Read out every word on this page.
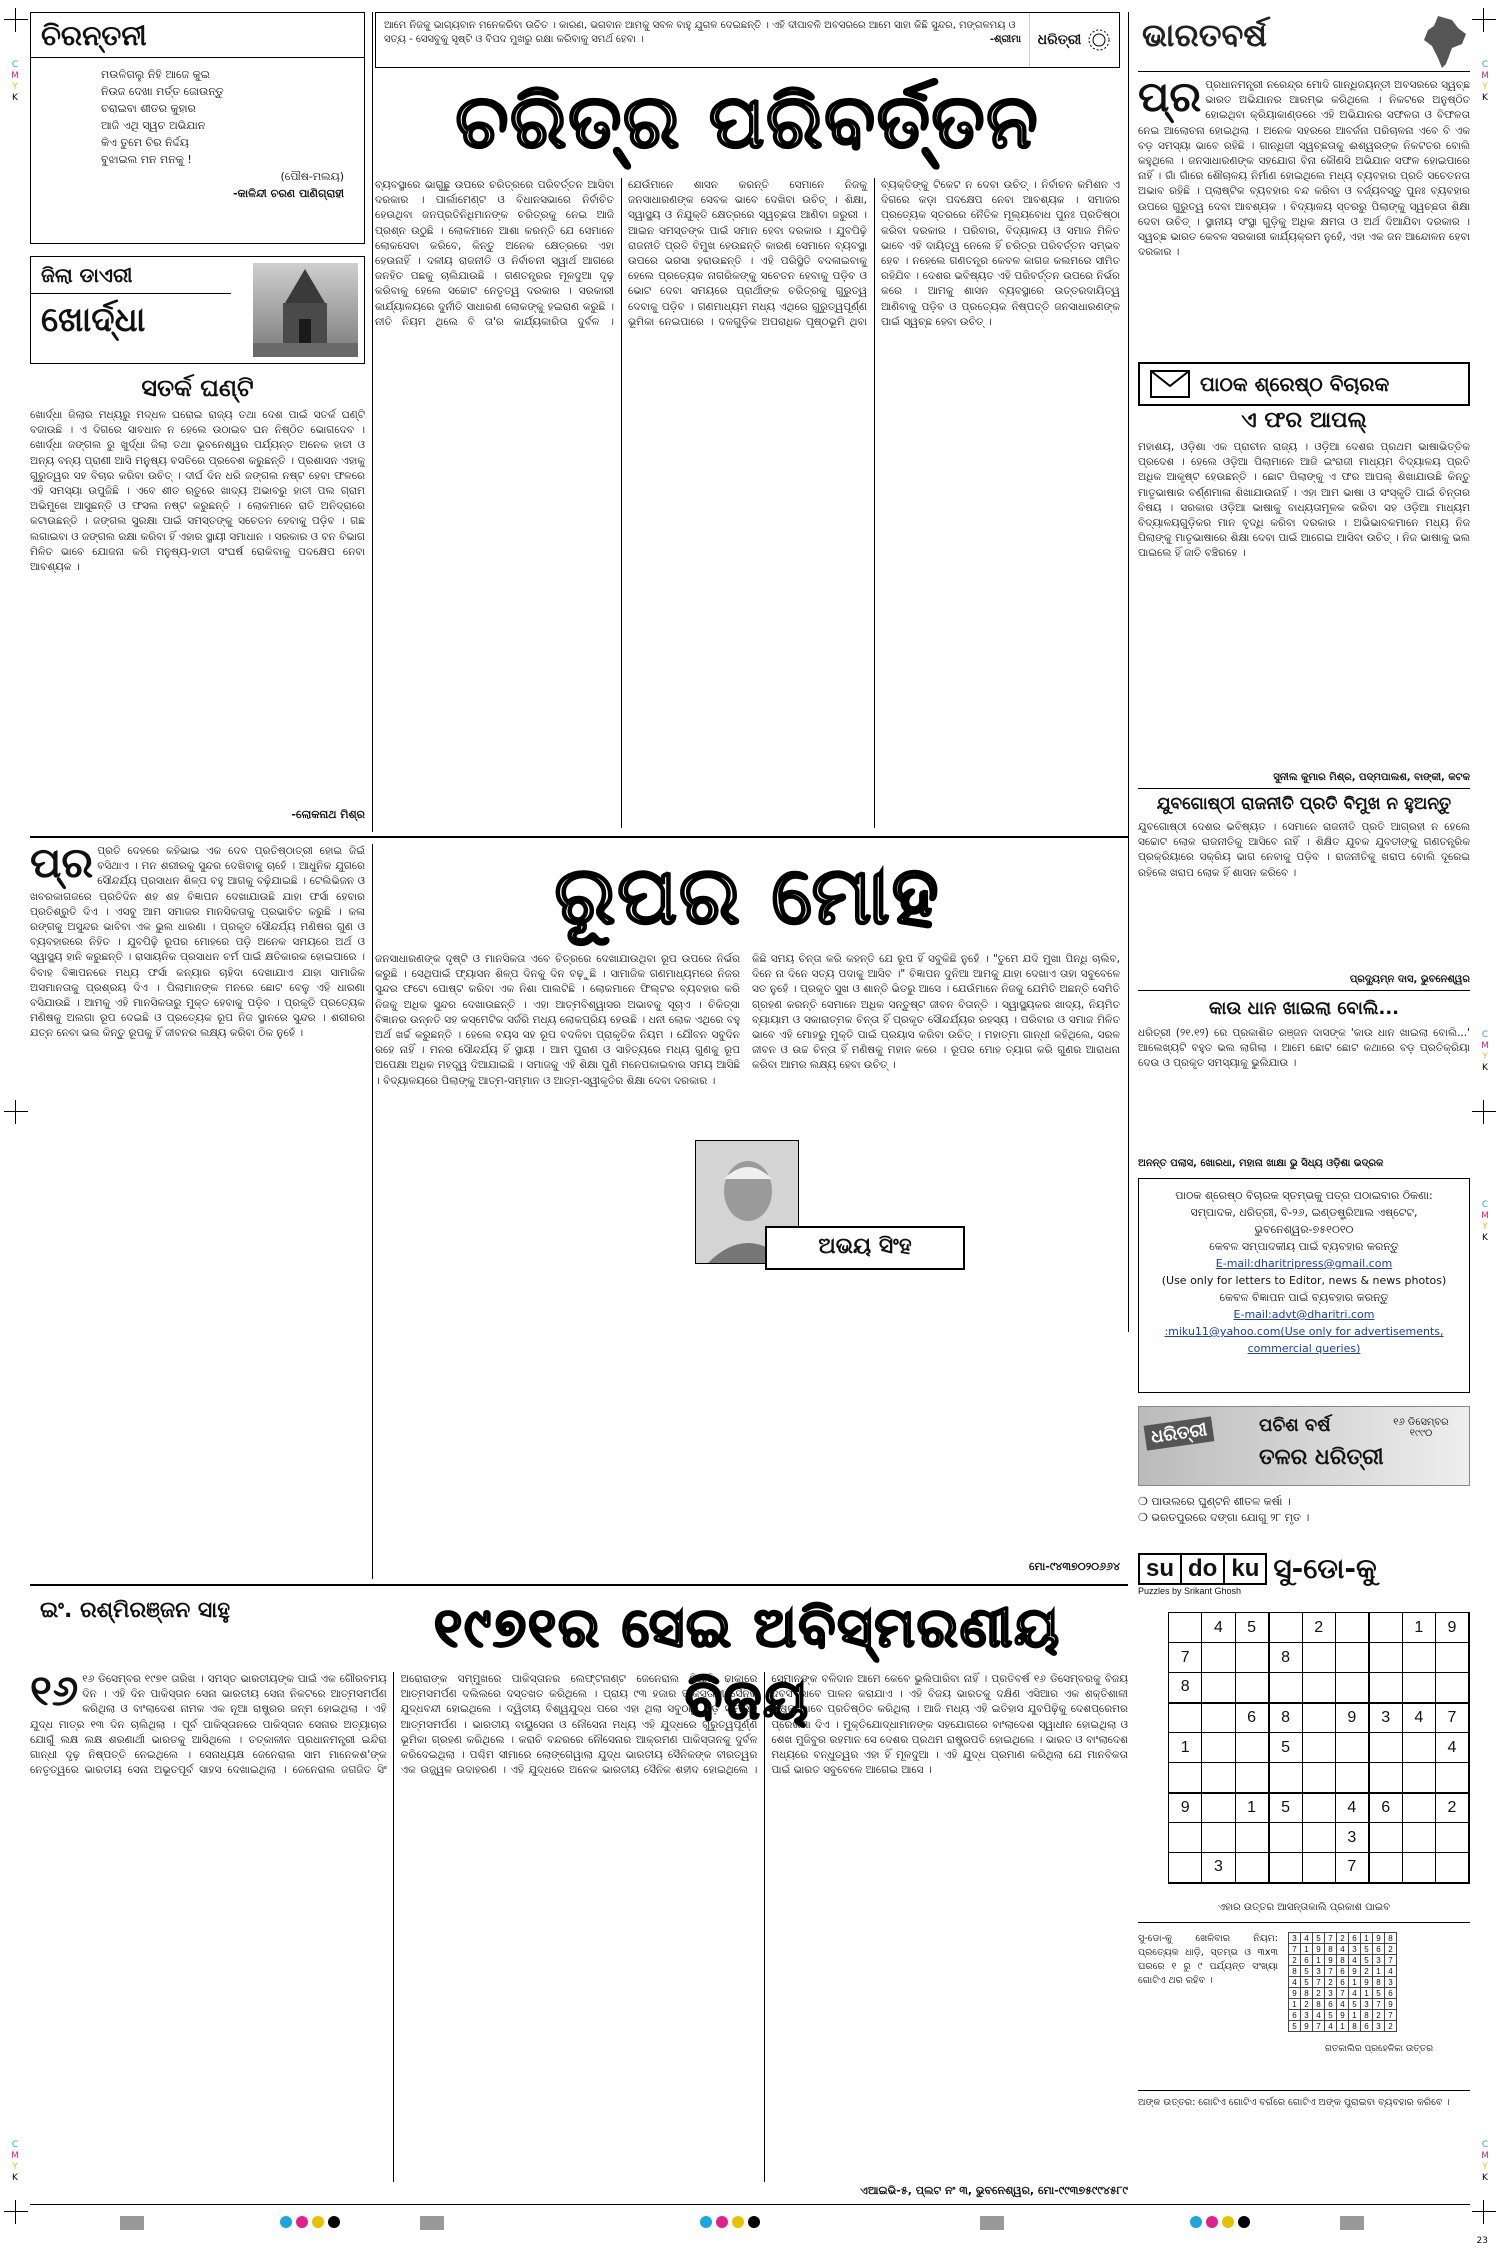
C
M
Y
K
C
M
Y
K
C
M
Y
K
C
M
Y
K
C
M
Y
K
C
M
Y
K
ଚିରନ୍ତନୀ
ମଉଳିଗଲୁ ନିହି ଆଜେ କୁଇ
ନିଉଜ ଦେଖା ମର୍ତ୍ତ ଜୋଉନ୍ତୁ
ଚରାଇବା ଶୀତର କୁହାର
ଆଜି ଏଥି ସ୍ୱଚ ଅଭିଯାନ
କିଏ ତୁମେ ଚିର ନିର୍ଦ୍ଦୟ
ବୁଝାଇଲ ମନ ମନକୁ !
(ପୌଷ-ମଲୟ)
-କାଳିନ୍ଦୀ ଚରଣ ପାଣିଗ୍ରାହୀ
ଜିଲା ଡାଏରୀ
ଖୋର୍ଦ୍ଧା
ସତର୍କ ଘଣ୍ଟି
ଖୋର୍ଦ୍ଧା ଜିଲାର ମଧ୍ୟରୁ ମଦ୍ଧଳ ଘରୋଇ ରାଜ୍ୟ ତଥା ଦେଶ ପାଇଁ ସତର୍କ ଘଣ୍ଟି ବଜାଉଛି । ଏ ଦିଗରେ ସାବଧାନ ନ ହେଲେ ଉଠାଇବ ଘନ ନିଷ୍ଠିତ ଭୋଗଦେବ । ଖୋର୍ଦ୍ଧା ଜଙ୍ଗଲ ରୁ ଖୁର୍ଦ୍ଧା ଜିଲା ତଥା ଭୂବନେଶ୍ୱର ପର୍ଯ୍ୟନ୍ତ ଅନେକ ହାତୀ ଓ ଅନ୍ୟ ବନ୍ୟ ପ୍ରାଣୀ ଆସି ମନୁଷ୍ୟ ବସତିରେ ପ୍ରବେଶ କରୁଛନ୍ତି । ପ୍ରଶାସନ ଏହାକୁ ଗୁରୁତ୍ୱର ସହ ବିଚାର କରିବା ଉଚିତ୍ । ଦୀର୍ଘ ଦିନ ଧରି ଜଙ୍ଗଲ ନଷ୍ଟ ହେବା ଫଳରେ ଏହି ସମସ୍ୟା ଉପୁଜିଛି । ଏବେ ଶୀତ ଋତୁରେ ଖାଦ୍ୟ ଅଭାବରୁ ହାତୀ ପଲ ଗ୍ରାମ ଅଭିମୁଖେ ଆସୁଛନ୍ତି ଓ ଫସଲ ନଷ୍ଟ କରୁଛନ୍ତି । ଲୋକମାନେ ରାତି ଅନିଦ୍ରାରେ କଟାଉଛନ୍ତି । ଜଙ୍ଗଲ ସୁରକ୍ଷା ପାଇଁ ସମସ୍ତଙ୍କୁ ସଚେତନ ହେବାକୁ ପଡ଼ିବ । ଗଛ ଲଗାଇବା ଓ ଜଙ୍ଗଲ ରକ୍ଷା କରିବା ହିଁ ଏହାର ସ୍ଥାୟୀ ସମାଧାନ । ସରକାର ଓ ବନ ବିଭାଗ ମିଳିତ ଭାବେ ଯୋଜନା କରି ମନୁଷ୍ୟ-ହାତୀ ସଂଘର୍ଷ ରୋକିବାକୁ ପଦକ୍ଷେପ ନେବା ଆବଶ୍ୟକ ।
-ଲୋକନାଥ ମିଶ୍ର
ଆମେ ନିଜକୁ ଭାଗ୍ୟବାନ ମନେକରିବା ଉଚିତ । କାରଣ, ଭଗବାନ ଆମକୁ ସବଳ ବାହୁ ଯୁଗଳ ଦେଇଛନ୍ତି । ଏହି ଦୀପାବଳି ଅବସରରେ ଆମେ ସାହା କିଛି ସୁନ୍ଦର, ମଙ୍ଗଳମୟ ଓ ସତ୍ୟ - ସେସବୁକୁ ସୃଷ୍ଟି ଓ ବିପଦ ମୁଖରୁ ରକ୍ଷା କରିବାକୁ ସମର୍ଥ ହେବା ।	-ଶ୍ରୀମା ଧରିତ୍ରୀ
ଚରିତ୍ର ପରିବର୍ତ୍ତନ
ବ୍ୟବସ୍ଥାରେ ଭାଗୁଛୁ ଉପରେ ଚରିତ୍ରରେ ପରିବର୍ତ୍ତନ ଆସିବା ଦରକାର । ପାର୍ଲାମେଣ୍ଟ ଓ ବିଧାନସଭାରେ ନିର୍ବାଚିତ ହେଉଥିବା ଜନପ୍ରତିନିଧିମାନଙ୍କ ଚରିତ୍ରକୁ ନେଇ ଆଜି ପ୍ରଶ୍ନ ଉଠୁଛି । ଲୋକମାନେ ଆଶା କରନ୍ତି ଯେ ସେମାନେ ଲୋକସେବା କରିବେ, କିନ୍ତୁ ଅନେକ କ୍ଷେତ୍ରରେ ଏହା ହେଉନାହିଁ । ଦଳୀୟ ରାଜନୀତି ଓ ନିର୍ବାଚନୀ ସ୍ୱାର୍ଥ ଆଗରେ ଜନହିତ ପଛକୁ ଚାଲିଯାଉଛି । ଗଣତନ୍ତ୍ରର ମୂଳଦୁଆ ଦୃଢ଼ କରିବାକୁ ହେଲେ ସଚ୍ଚୋଟ ନେତୃତ୍ୱ ଦରକାର । ସରକାରୀ କାର୍ଯ୍ୟାଳୟରେ ଦୁର୍ନୀତି ସାଧାରଣ ଲୋକଙ୍କୁ ହଇରାଣ କରୁଛି । ନୀତି ନିୟମ ଥିଲେ ବି ତା'ର କାର୍ଯ୍ୟକାରିତା ଦୁର୍ବଳ । ଯେଉଁମାନେ ଶାସନ କରନ୍ତି ସେମାନେ ନିଜକୁ ଜନସାଧାରଣଙ୍କ ସେବକ ଭାବେ ଦେଖିବା ଉଚିତ୍ । ଶିକ୍ଷା, ସ୍ୱାସ୍ଥ୍ୟ ଓ ନିଯୁକ୍ତି କ୍ଷେତ୍ରରେ ସ୍ୱଚ୍ଛତା ଆଣିବା ଜରୁରୀ । ଆଇନ ସମସ୍ତଙ୍କ ପାଇଁ ସମାନ ହେବା ଦରକାର । ଯୁବପିଢ଼ି ରାଜନୀତି ପ୍ରତି ବିମୁଖ ହେଉଛନ୍ତି କାରଣ ସେମାନେ ବ୍ୟବସ୍ଥା ଉପରେ ଭରସା ହରାଉଛନ୍ତି । ଏହି ପରିସ୍ଥିତି ବଦଳାଇବାକୁ ହେଲେ ପ୍ରତ୍ୟେକ ନାଗରିକଙ୍କୁ ସଚେତନ ହେବାକୁ ପଡ଼ିବ ଓ ଭୋଟ ଦେବା ସମୟରେ ପ୍ରାର୍ଥୀଙ୍କ ଚରିତ୍ରକୁ ଗୁରୁତ୍ୱ ଦେବାକୁ ପଡ଼ିବ । ଗଣମାଧ୍ୟମ ମଧ୍ୟ ଏଥିରେ ଗୁରୁତ୍ୱପୂର୍ଣ୍ଣ ଭୂମିକା ନେଇପାରେ । ଦଳଗୁଡ଼ିକ ଅପରାଧିକ ପୃଷ୍ଠଭୂମି ଥିବା ବ୍ୟକ୍ତିଙ୍କୁ ଟିକେଟ ନ ଦେବା ଉଚିତ୍ । ନିର୍ବାଚନ କମିଶନ ଏ ଦିଗରେ କଡ଼ା ପଦକ୍ଷେପ ନେବା ଆବଶ୍ୟକ । ସମାଜର ପ୍ରତ୍ୟେକ ସ୍ତରରେ ନୈତିକ ମୂଲ୍ୟବୋଧ ପୁନଃ ପ୍ରତିଷ୍ଠା କରିବା ଦରକାର । ପରିବାର, ବିଦ୍ୟାଳୟ ଓ ସମାଜ ମିଳିତ ଭାବେ ଏହି ଦାୟିତ୍ୱ ନେଲେ ହିଁ ଚରିତ୍ର ପରିବର୍ତ୍ତନ ସମ୍ଭବ ହେବ । ନହେଲେ ଗଣତନ୍ତ୍ର କେବଳ କାଗଜ କଲମରେ ସୀମିତ ରହିଯିବ । ଦେଶର ଭବିଷ୍ୟତ ଏହି ପରିବର୍ତ୍ତନ ଉପରେ ନିର୍ଭର କରେ । ଆମକୁ ଶାସନ ବ୍ୟବସ୍ଥାରେ ଉତ୍ତରଦାୟିତ୍ୱ ଆଣିବାକୁ ପଡ଼ିବ ଓ ପ୍ରତ୍ୟେକ ନିଷ୍ପତ୍ତି ଜନସାଧାରଣଙ୍କ ପାଇଁ ସ୍ୱଚ୍ଛ ହେବା ଉଚିତ୍ ।
ଭାରତବର୍ଷ
ପ୍ର ପ୍ରଧାନମନ୍ତ୍ରୀ ନରେନ୍ଦ୍ର ମୋଦି ଗାନ୍ଧିଜୟନ୍ତୀ ଅବସରରେ ସ୍ୱଚ୍ଛ ଭାରତ ଅଭିଯାନର ଆରମ୍ଭ କରିଥିଲେ । ନିକଟରେ ଅନୁଷ୍ଠିତ ହୋଇଥିବା କ୍ରିୟାକାଣ୍ଡରେ ଏହି ଅଭିଯାନର ସଫଳତା ଓ ବିଫଳତା ନେଇ ଆଲୋଚନା ହୋଇଥିଲା । ଅନେକ ସହରରେ ଆବର୍ଜନା ପରିଚାଳନା ଏବେ ବି ଏକ ବଡ଼ ସମସ୍ୟା ଭାବେ ରହିଛି । ଗାନ୍ଧିଜୀ ସ୍ୱଚ୍ଛତାକୁ ଈଶ୍ୱରଙ୍କ ନିକଟତର ବୋଲି କହୁଥିଲେ । ଜନସାଧାରଣଙ୍କ ସହଯୋଗ ବିନା କୌଣସି ଅଭିଯାନ ସଫଳ ହୋଇପାରେ ନାହିଁ । ଗାଁ ଗାଁରେ ଶୌଚାଳୟ ନିର୍ମାଣ ହୋଇଥିଲେ ମଧ୍ୟ ବ୍ୟବହାର ପ୍ରତି ସଚେତନତା ଅଭାବ ରହିଛି । ପ୍ଲାଷ୍ଟିକ ବ୍ୟବହାର ବନ୍ଦ କରିବା ଓ ବର୍ଜ୍ୟବସ୍ତୁ ପୁନଃ ବ୍ୟବହାର ଉପରେ ଗୁରୁତ୍ୱ ଦେବା ଆବଶ୍ୟକ । ବିଦ୍ୟାଳୟ ସ୍ତରରୁ ପିଲାଙ୍କୁ ସ୍ୱଚ୍ଛତା ଶିକ୍ଷା ଦେବା ଉଚିତ୍ । ସ୍ଥାନୀୟ ସଂସ୍ଥା ଗୁଡ଼ିକୁ ଅଧିକ କ୍ଷମତା ଓ ଅର୍ଥ ଦିଆଯିବା ଦରକାର । ସ୍ୱଚ୍ଛ ଭାରତ କେବଳ ସରକାରୀ କାର୍ଯ୍ୟକ୍ରମ ନୁହେଁ, ଏହା ଏକ ଜନ ଆନ୍ଦୋଳନ ହେବା ଦରକାର ।
ପାଠକ ଶ୍ରେଷ୍ଠ ବିଚାରକ
ଏ ଫର ଆପଲ୍
ମହାଶୟ, ଓଡ଼ିଶା ଏକ ପ୍ରାଚୀନ ରାଜ୍ୟ । ଓଡ଼ିଆ ଦେଶର ପ୍ରଥମ ଭାଷାଭିତ୍ତିକ ପ୍ରଦେଶ । ହେଲେ ଓଡ଼ିଆ ପିଲାମାନେ ଆଜି ଇଂରାଜୀ ମାଧ୍ୟମ ବିଦ୍ୟାଳୟ ପ୍ରତି ଅଧିକ ଆକୃଷ୍ଟ ହେଉଛନ୍ତି । ଛୋଟ ପିଲାଙ୍କୁ ଏ ଫର ଆପଲ୍ ଶିଖାଯାଉଛି କିନ୍ତୁ ମାତୃଭାଷାର ବର୍ଣ୍ଣମାଳା ଶିଖାଯାଉନାହିଁ । ଏହା ଆମ ଭାଷା ଓ ସଂସ୍କୃତି ପାଇଁ ଚିନ୍ତାର ବିଷୟ । ସରକାର ଓଡ଼ିଆ ଭାଷାକୁ ବାଧ୍ୟତାମୂଳକ କରିବା ସହ ଓଡ଼ିଆ ମାଧ୍ୟମ ବିଦ୍ୟାଳୟଗୁଡ଼ିକର ମାନ ବୃଦ୍ଧି କରିବା ଦରକାର । ଅଭିଭାବକମାନେ ମଧ୍ୟ ନିଜ ପିଲାଙ୍କୁ ମାତୃଭାଷାରେ ଶିକ୍ଷା ଦେବା ପାଇଁ ଆଗେଇ ଆସିବା ଉଚିତ୍ । ନିଜ ଭାଷାକୁ ଭଲ ପାଇଲେ ହିଁ ଜାତି ବଞ୍ଚିରହେ ।
ସୁନୀଲ କୁମାର ମିଶ୍ର, ପଦ୍ମପାଲଶ, ବାଙ୍କୀ, କଟକ
ଯୁବଗୋଷ୍ଠୀ ରାଜନୀତି ପ୍ରତି ବିମୁଖ ନ ହୁଅନ୍ତୁ
ଯୁବଗୋଷ୍ଠୀ ଦେଶର ଭବିଷ୍ୟତ । ସେମାନେ ରାଜନୀତି ପ୍ରତି ଆଗ୍ରହୀ ନ ହେଲେ ସଚ୍ଚୋଟ ଲୋକ ରାଜନୀତିକୁ ଆସିବେ ନାହିଁ । ଶିକ୍ଷିତ ଯୁବକ ଯୁବତୀଙ୍କୁ ଗଣତନ୍ତ୍ରିକ ପ୍ରକ୍ରିୟାରେ ସକ୍ରିୟ ଭାଗ ନେବାକୁ ପଡ଼ିବ । ରାଜନୀତିକୁ ଖରାପ ବୋଲି ଦୂରେଇ ରହିଲେ ଖରାପ ଲୋକ ହିଁ ଶାସନ କରିବେ ।
ପ୍ରଦ୍ୟୁମ୍ନ ଦାସ, ଭୁବନେଶ୍ୱର
କାଉ ଧାନ ଖାଇଲା ବୋଲି...
ଧରିତ୍ରୀ (୨୧.୧୨) ରେ ପ୍ରକାଶିତ ରଞ୍ଜନ ଦାସଙ୍କ 'କାଉ ଧାନ ଖାଇଲା ବୋଲି...' ଆଲେଖ୍ୟଟି ବହୁତ ଭଲ ଲାଗିଲା । ଆମେ ଛୋଟ ଛୋଟ କଥାରେ ବଡ଼ ପ୍ରତିକ୍ରିୟା ଦେଉ ଓ ପ୍ରକୃତ ସମସ୍ୟାକୁ ଭୁଲିଯାଉ ।
ଅନନ୍ତ ପଲାସ, ଖୋରଧା, ମହାନା ଖାକ୍ଷା ଭୁ ସିଧ୍ୟ ଓଡ଼ିଶା ଭଦ୍ରକ
ପାଠକ ଶ୍ରେଷ୍ଠ ବିଚାରକ ସ୍ତମ୍ଭକୁ ପତ୍ର ପଠାଇବାର ଠିକଣା:
ସମ୍ପାଦକ, ଧରିତ୍ରୀ, ବି-୨୬, ଇଣ୍ଡଷ୍ଟ୍ରିଆଲ ଏଷ୍ଟେଟ, ଭୁବନେଶ୍ୱର-୭୫୧୦୧୦
କେବଳ ସମ୍ପାଦକୀୟ ପାଇଁ ବ୍ୟବହାର କରନ୍ତୁ
E-mail:dharitripress@gmail.com
(Use only for letters to Editor, news & news photos)
କେବଳ ବିଜ୍ଞାପନ ପାଇଁ ବ୍ୟବହାର କରନ୍ତୁ
E-mail:advt@dharitri.com
:miku11@yahoo.com(Use only for advertisements, commercial queries)
ଧରିତ୍ରୀ	ପଚିଶ ବର୍ଷ
ତଳର ଧରିତ୍ରୀ
୧୬ ଡିସେମ୍ବର ୧୯୯୦
❍ ପାଉଲରେ ଘୁଣ୍ଟନି ଶୀତଳ କର୍ଷା ।
❍ ଭରତପୁରରେ ଦଙ୍ଗା ଯୋଗୁ ୨୮ ମୃତ ।
su do ku ସୁ-ଡୋ-କୁ
Puzzles by Srikant Ghosh
	4	5		2			1	9
7			8					
8								
		6	8		9	3	4	7
1			5					4

9		1	5		4	6		2
					3			
	3				7			
ଏହାର ଉତ୍ତର ଆସନ୍ତାକାଲି ପ୍ରକାଶ ପାଇବ
ସୁ-ଡୋ-କୁ ଖେଳିବାର ନିୟମ: ପ୍ରତ୍ୟେକ ଧାଡ଼ି, ସ୍ତମ୍ଭ ଓ ୩x୩ ଘରରେ ୧ ରୁ ୯ ପର୍ଯ୍ୟନ୍ତ ସଂଖ୍ୟା ଗୋଟିଏ ଥର ରହିବ ।
3	4	5	7	2	6	1	9	8
7	1	9	8	4	3	5	6	2
2	6	1	9	8	4	5	3	7
8	5	3	7	6	9	2	1	4
4	5	7	2	6	1	9	8	3
9	8	2	3	7	4	1	5	6
1	2	8	6	4	5	3	7	9
6	3	4	5	9	1	8	2	7
5	9	7	4	1	8	6	3	2
ଗତକାଲିର ପ୍ରହେଳିକା ଉତ୍ତର
ଅଙ୍କ ଉତ୍ତର: ଗୋଟିଏ ଗୋଟିଏ ବର୍ଗରେ ଗୋଟିଏ ଅଙ୍କ ପୁରାଇବା ବ୍ୟବହାର କରିବେ ।
ପ୍ର ପ୍ରତି ଦେହରେ କହିଭାଇ ଏକ ଦେବ ପ୍ରତିଷ୍ଠାତ୍ରୀ ହୋଇ ଜିଇଁ ବସିଥାଏ । ମନ ଶରୀରକୁ ସୁନ୍ଦର ଦେଖିବାକୁ ଚାହେଁ । ଆଧୁନିକ ଯୁଗରେ ସୌନ୍ଦର୍ଯ୍ୟ ପ୍ରସାଧନ ଶିଳ୍ପ ବହୁ ଆଗକୁ ବଢ଼ିଯାଇଛି । ଟେଲିଭିଜନ ଓ ଖବରକାଗଜରେ ପ୍ରତିଦିନ ଶହ ଶହ ବିଜ୍ଞାପନ ଦେଖାଯାଉଛି ଯାହା ଫର୍ସା ହେବାର ପ୍ରତିଶ୍ରୁତି ଦିଏ । ଏସବୁ ଆମ ସମାଜର ମାନସିକତାକୁ ପ୍ରଭାବିତ କରୁଛି । କଳା ରଙ୍ଗକୁ ଅସୁନ୍ଦର ଭାବିବା ଏକ ଭୁଲ ଧାରଣା । ପ୍ରକୃତ ସୌନ୍ଦର୍ଯ୍ୟ ମଣିଷର ଗୁଣ ଓ ବ୍ୟବହାରରେ ନିହିତ । ଯୁବପିଢ଼ି ରୂପର ମୋହରେ ପଡ଼ି ଅନେକ ସମୟରେ ଅର୍ଥ ଓ ସ୍ୱାସ୍ଥ୍ୟ ହାନି କରୁଛନ୍ତି । ରାସାୟନିକ ପ୍ରସାଧନ ଚର୍ମ ପାଇଁ କ୍ଷତିକାରକ ହୋଇପାରେ । ବିବାହ ବିଜ୍ଞାପନରେ ମଧ୍ୟ ଫର୍ସା କନ୍ୟାର ଚାହିଦା ଦେଖାଯାଏ ଯାହା ସାମାଜିକ ଅସମାନତାକୁ ପ୍ରଶ୍ରୟ ଦିଏ । ପିଲାମାନଙ୍କ ମନରେ ଛୋଟ ବେଳୁ ଏହି ଧାରଣା ବସିଯାଉଛି । ଆମକୁ ଏହି ମାନସିକତାରୁ ମୁକ୍ତ ହେବାକୁ ପଡ଼ିବ । ପ୍ରକୃତି ପ୍ରତ୍ୟେକ ମଣିଷକୁ ଅଲଗା ରୂପ ଦେଇଛି ଓ ପ୍ରତ୍ୟେକ ରୂପ ନିଜ ସ୍ଥାନରେ ସୁନ୍ଦର । ଶରୀରର ଯତ୍ନ ନେବା ଭଲ କିନ୍ତୁ ରୂପକୁ ହିଁ ଜୀବନର ଲକ୍ଷ୍ୟ କରିବା ଠିକ ନୁହେଁ ।
ରୂପର ମୋହ
ଜନସାଧାରଣଙ୍କ ଦୃଷ୍ଟି ଓ ମାନସିକତା ଏବେ ଚିତ୍ରରେ ଦେଖାଯାଉଥିବା ରୂପ ଉପରେ ନିର୍ଭର କରୁଛି । ସେଥିପାଇଁ ଫ୍ୟାସନ ଶିଳ୍ପ ଦିନକୁ ଦିନ ବଢ଼ୁଛି । ସାମାଜିକ ଗଣମାଧ୍ୟମରେ ନିଜର ସୁନ୍ଦର ଫଟୋ ପୋଷ୍ଟ କରିବା ଏକ ନିଶା ପାଲଟିଛି । ଲୋକମାନେ ଫିଲ୍ଟର ବ୍ୟବହାର କରି ନିଜକୁ ଅଧିକ ସୁନ୍ଦର ଦେଖାଉଛନ୍ତି । ଏହା ଆତ୍ମବିଶ୍ୱାସର ଅଭାବକୁ ସୂଚାଏ । ଚିକିତ୍ସା ବିଜ୍ଞାନର ଉନ୍ନତି ସହ କସ୍ମେଟିକ ସର୍ଜରି ମଧ୍ୟ ଲୋକପ୍ରିୟ ହେଉଛି । ଧନୀ ଲୋକ ଏଥିରେ ବହୁ ଅର୍ଥ ଖର୍ଚ୍ଚ କରୁଛନ୍ତି । ହେଲେ ବୟସ ସହ ରୂପ ବଦଳିବା ପ୍ରାକୃତିକ ନିୟମ । ଯୌବନ ସବୁଦିନ ରହେ ନାହିଁ । ମନର ସୌନ୍ଦର୍ଯ୍ୟ ହିଁ ସ୍ଥାୟୀ । ଆମ ପୁରାଣ ଓ ସାହିତ୍ୟରେ ମଧ୍ୟ ଗୁଣକୁ ରୂପ ଅପେକ୍ଷା ଅଧିକ ମହତ୍ତ୍ୱ ଦିଆଯାଇଛି । ସମାଜକୁ ଏହି ଶିକ୍ଷା ପୁଣି ମନେପକାଇବାର ସମୟ ଆସିଛି । ବିଦ୍ୟାଳୟରେ ପିଲାଙ୍କୁ ଆତ୍ମ-ସମ୍ମାନ ଓ ଆତ୍ମ-ସ୍ୱୀକୃତିର ଶିକ୍ଷା ଦେବା ଦରକାର ।
କିଛି ସମୟ ଚିନ୍ତା କରି କହନ୍ତି ଯେ ରୂପ ହିଁ ସବୁକିଛି ନୁହେଁ । "ତୁମେ ଯଦି ମୁଖା ପିନ୍ଧି ଚାଲିବ, ଦିନେ ନା ଦିନେ ସତ୍ୟ ପଦାକୁ ଆସିବ ।" ବିଜ୍ଞାପନ ଦୁନିଆ ଆମକୁ ଯାହା ଦେଖାଏ ତାହା ସବୁବେଳେ ସତ ନୁହେଁ । ପ୍ରକୃତ ସୁଖ ଓ ଶାନ୍ତି ଭିତରୁ ଆସେ । ଯେଉଁମାନେ ନିଜକୁ ଯେମିତି ଅଛନ୍ତି ସେମିତି ଗ୍ରହଣ କରନ୍ତି ସେମାନେ ଅଧିକ ସନ୍ତୁଷ୍ଟ ଜୀବନ ବିତାନ୍ତି । ସ୍ୱାସ୍ଥ୍ୟକର ଖାଦ୍ୟ, ନିୟମିତ ବ୍ୟାୟାମ ଓ ସକାରାତ୍ମକ ଚିନ୍ତା ହିଁ ପ୍ରକୃତ ସୌନ୍ଦର୍ଯ୍ୟର ରହସ୍ୟ । ପରିବାର ଓ ସମାଜ ମିଳିତ ଭାବେ ଏହି ମୋହରୁ ମୁକ୍ତି ପାଇଁ ପ୍ରୟାସ କରିବା ଉଚିତ୍ । ମହାତ୍ମା ଗାନ୍ଧୀ କହିଥିଲେ, ସରଳ ଜୀବନ ଓ ଉଚ୍ଚ ଚିନ୍ତା ହିଁ ମଣିଷକୁ ମହାନ କରେ । ରୂପର ମୋହ ତ୍ୟାଗ କରି ଗୁଣର ଆରାଧନା କରିବା ଆମର ଲକ୍ଷ୍ୟ ହେବା ଉଚିତ୍ ।
ମୋ-୯୪୩୭୦୨୦୬୬୪
ଅଭୟ ସିଂହ
ଇଂ. ରଶ୍ମିରଞ୍ଜନ ସାହୁ	୧୯୭୧ର ସେଇ ଅବିସ୍ମରଣୀୟ ବିଜୟ
୧୬ ୧୬ ଡିସେମ୍ବର ୧୯୭୧ ତାରିଖ । ସମସ୍ତ ଭାରତୀୟଙ୍କ ପାଇଁ ଏକ ଗୌରବମୟ ଦିନ । ଏହି ଦିନ ପାକିସ୍ତାନ ସେନା ଭାରତୀୟ ସେନା ନିକଟରେ ଆତ୍ମସମର୍ପଣ କରିଥିଲା ଓ ବାଂଲାଦେଶ ନାମକ ଏକ ନୂଆ ରାଷ୍ଟ୍ରର ଜନ୍ମ ହୋଇଥିଲା । ଏହି ଯୁଦ୍ଧ ମାତ୍ର ୧୩ ଦିନ ଚାଲିଥିଲା । ପୂର୍ବ ପାକିସ୍ତାନରେ ପାକିସ୍ତାନ ସେନାର ଅତ୍ୟାଚାର ଯୋଗୁଁ ଲକ୍ଷ ଲକ୍ଷ ଶରଣାର୍ଥୀ ଭାରତକୁ ଆସିଥିଲେ । ତତ୍କାଳୀନ ପ୍ରଧାନମନ୍ତ୍ରୀ ଇନ୍ଦିରା ଗାନ୍ଧୀ ଦୃଢ଼ ନିଷ୍ପତ୍ତି ନେଇଥିଲେ । ସେନାଧ୍ୟକ୍ଷ ଜେନେରାଲ ସାମ ମାନେକଶ'ଙ୍କ ନେତୃତ୍ୱରେ ଭାରତୀୟ ସେନା ଅଭୂତପୂର୍ବ ସାହସ ଦେଖାଇଥିଲା । ଜେନେରାଲ ଜଗଜିତ ସିଂ ଅରୋରାଙ୍କ ସମ୍ମୁଖରେ ପାକିସ୍ତାନର ଲେଫ୍ଟନାଣ୍ଟ ଜେନେରାଲ ନିଆଜି ଢାକାରେ ଆତ୍ମସମର୍ପଣ ଦଲିଲରେ ଦସ୍ତଖତ କରିଥିଲେ । ପ୍ରାୟ ୯୩ ହଜାର ପାକିସ୍ତାନୀ ସୈନିକ ଯୁଦ୍ଧବନ୍ଦୀ ହୋଇଥିଲେ । ଦ୍ୱିତୀୟ ବିଶ୍ୱଯୁଦ୍ଧ ପରେ ଏହା ଥିଲା ସବୁଠାରୁ ବଡ଼ ସାମରିକ ଆତ୍ମସମର୍ପଣ । ଭାରତୀୟ ବାୟୁସେନା ଓ ନୌସେନା ମଧ୍ୟ ଏହି ଯୁଦ୍ଧରେ ଗୁରୁତ୍ୱପୂର୍ଣ୍ଣ ଭୂମିକା ଗ୍ରହଣ କରିଥିଲେ । କରାଚି ବନ୍ଦରରେ ନୌସେନାର ଆକ୍ରମଣ ପାକିସ୍ତାନକୁ ଦୁର୍ବଳ କରିଦେଇଥିଲା । ପଶ୍ଚିମ ସୀମାରେ ଲୋଙ୍ଗେୱାଲା ଯୁଦ୍ଧ ଭାରତୀୟ ସୈନିକଙ୍କ ବୀରତ୍ୱର ଏକ ଉଜ୍ଜ୍ୱଳ ଉଦାହରଣ । ଏହି ଯୁଦ୍ଧରେ ଅନେକ ଭାରତୀୟ ସୈନିକ ଶହୀଦ ହୋଇଥିଲେ । ସେମାନଙ୍କ ବଳିଦାନ ଆମେ କେବେ ଭୁଲିପାରିବା ନାହିଁ । ପ୍ରତିବର୍ଷ ୧୬ ଡିସେମ୍ବରକୁ ବିଜୟ ଦିବସ ଭାବେ ପାଳନ କରାଯାଏ । ଏହି ବିଜୟ ଭାରତକୁ ଦକ୍ଷିଣ ଏସିଆର ଏକ ଶକ୍ତିଶାଳୀ ରାଷ୍ଟ୍ର ଭାବେ ପ୍ରତିଷ୍ଠିତ କରିଥିଲା । ଆଜି ମଧ୍ୟ ଏହି ଇତିହାସ ଯୁବପିଢ଼ିକୁ ଦେଶପ୍ରେମର ପ୍ରେରଣା ଦିଏ । ମୁକ୍ତିଯୋଦ୍ଧାମାନଙ୍କ ସହଯୋଗରେ ବାଂଲାଦେଶ ସ୍ୱାଧୀନ ହୋଇଥିଲା ଓ ଶେଖ ମୁଜିବୁର ରହମାନ ସେ ଦେଶର ପ୍ରଥମ ରାଷ୍ଟ୍ରପତି ହୋଇଥିଲେ । ଭାରତ ଓ ବାଂଲାଦେଶ ମଧ୍ୟରେ ବନ୍ଧୁତ୍ୱର ଏହା ହିଁ ମୂଳଦୁଆ । ଏହି ଯୁଦ୍ଧ ପ୍ରମାଣ କରିଥିଲା ଯେ ମାନବିକତା ପାଇଁ ଭାରତ ସବୁବେଳେ ଆଗେଇ ଆସେ ।
ଏଆଇଭି-୫, ପ୍ଲଟ ନଂ ୩, ଭୁବନେଶ୍ୱର, ମୋ-୯୯୩୭୫୯୯୪୫୮୯
23
